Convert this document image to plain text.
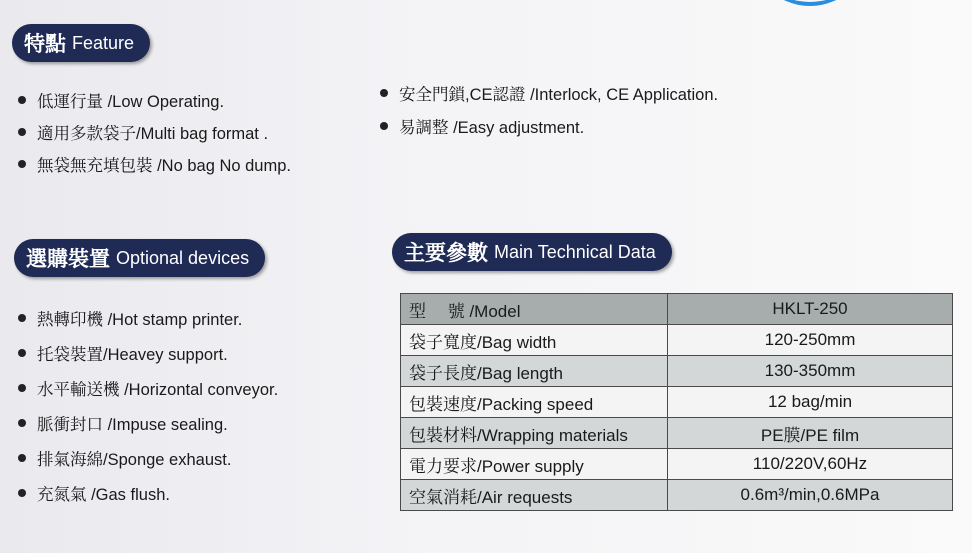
特點 Feature
低運行量 /Low Operating.
適用多款袋子/Multi bag format .
無袋無充填包裝 /No bag No dump.
安全門鎖,CE認證 /Interlock, CE Application.
易調整 /Easy adjustment.
選購裝置 Optional devices
熱轉印機 /Hot stamp printer.
托袋裝置/Heavey support.
水平輸送機 /Horizontal conveyor.
脈衝封口 /Impuse sealing.
排氣海綿/Sponge exhaust.
充氮氣 /Gas flush.
主要參數 Main Technical Data
型　 號 /Model	HKLT-250
袋子寬度/Bag width	120-250mm
袋子長度/Bag length	130-350mm
包裝速度/Packing speed	12 bag/min
包裝材料/Wrapping materials	PE膜/PE film
電力要求/Power supply	110/220V,60Hz
空氣消耗/Air requests	0.6m³/min,0.6MPa
